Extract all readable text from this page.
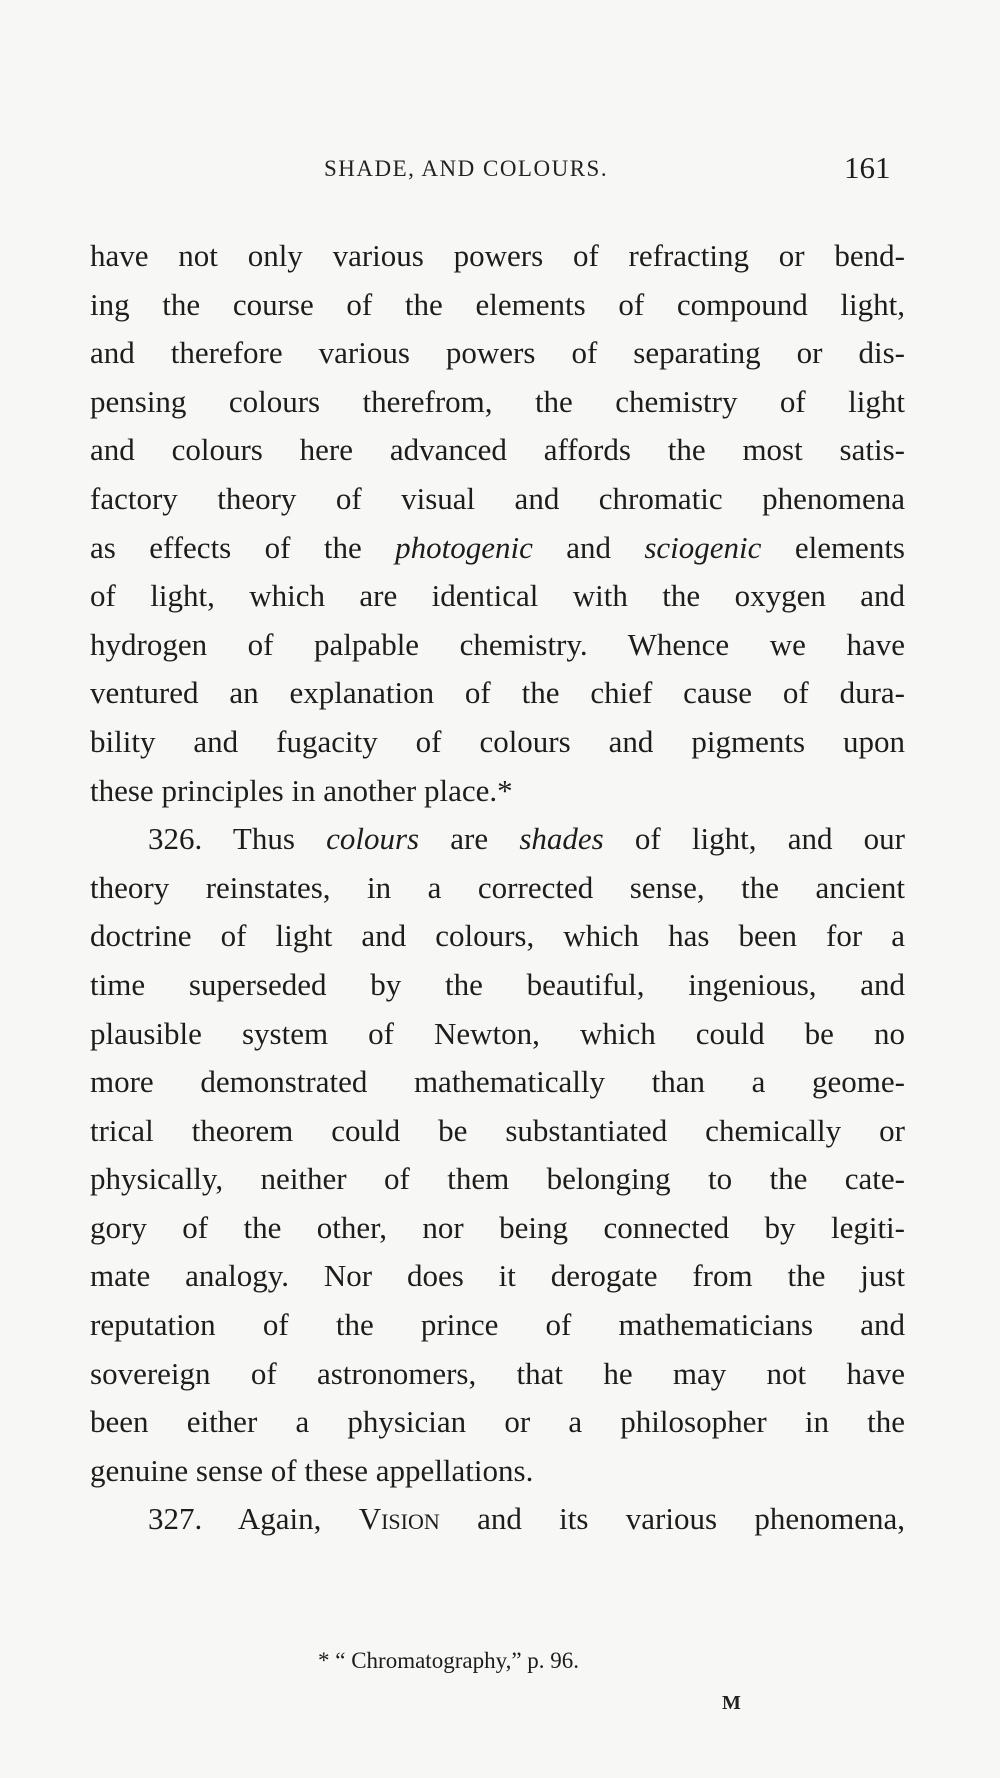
SHADE, AND COLOURS.	161
have not only various powers of refracting or bend-
ing the course of the elements of compound light,
and therefore various powers of separating or dis-
pensing colours therefrom, the chemistry of light
and colours here advanced affords the most satis-
factory theory of visual and chromatic phenomena
as effects of the photogenic and sciogenic elements
of light, which are identical with the oxygen and
hydrogen of palpable chemistry. Whence we have
ventured an explanation of the chief cause of dura-
bility and fugacity of colours and pigments upon
these principles in another place.*
326. Thus colours are shades of light, and our
theory reinstates, in a corrected sense, the ancient
doctrine of light and colours, which has been for a
time superseded by the beautiful, ingenious, and
plausible system of Newton, which could be no
more demonstrated mathematically than a geome-
trical theorem could be substantiated chemically or
physically, neither of them belonging to the cate-
gory of the other, nor being connected by legiti-
mate analogy. Nor does it derogate from the just
reputation of the prince of mathematicians and
sovereign of astronomers, that he may not have
been either a physician or a philosopher in the
genuine sense of these appellations.
327. Again, Vision and its various phenomena,
* “ Chromatography,” p. 96.
M
